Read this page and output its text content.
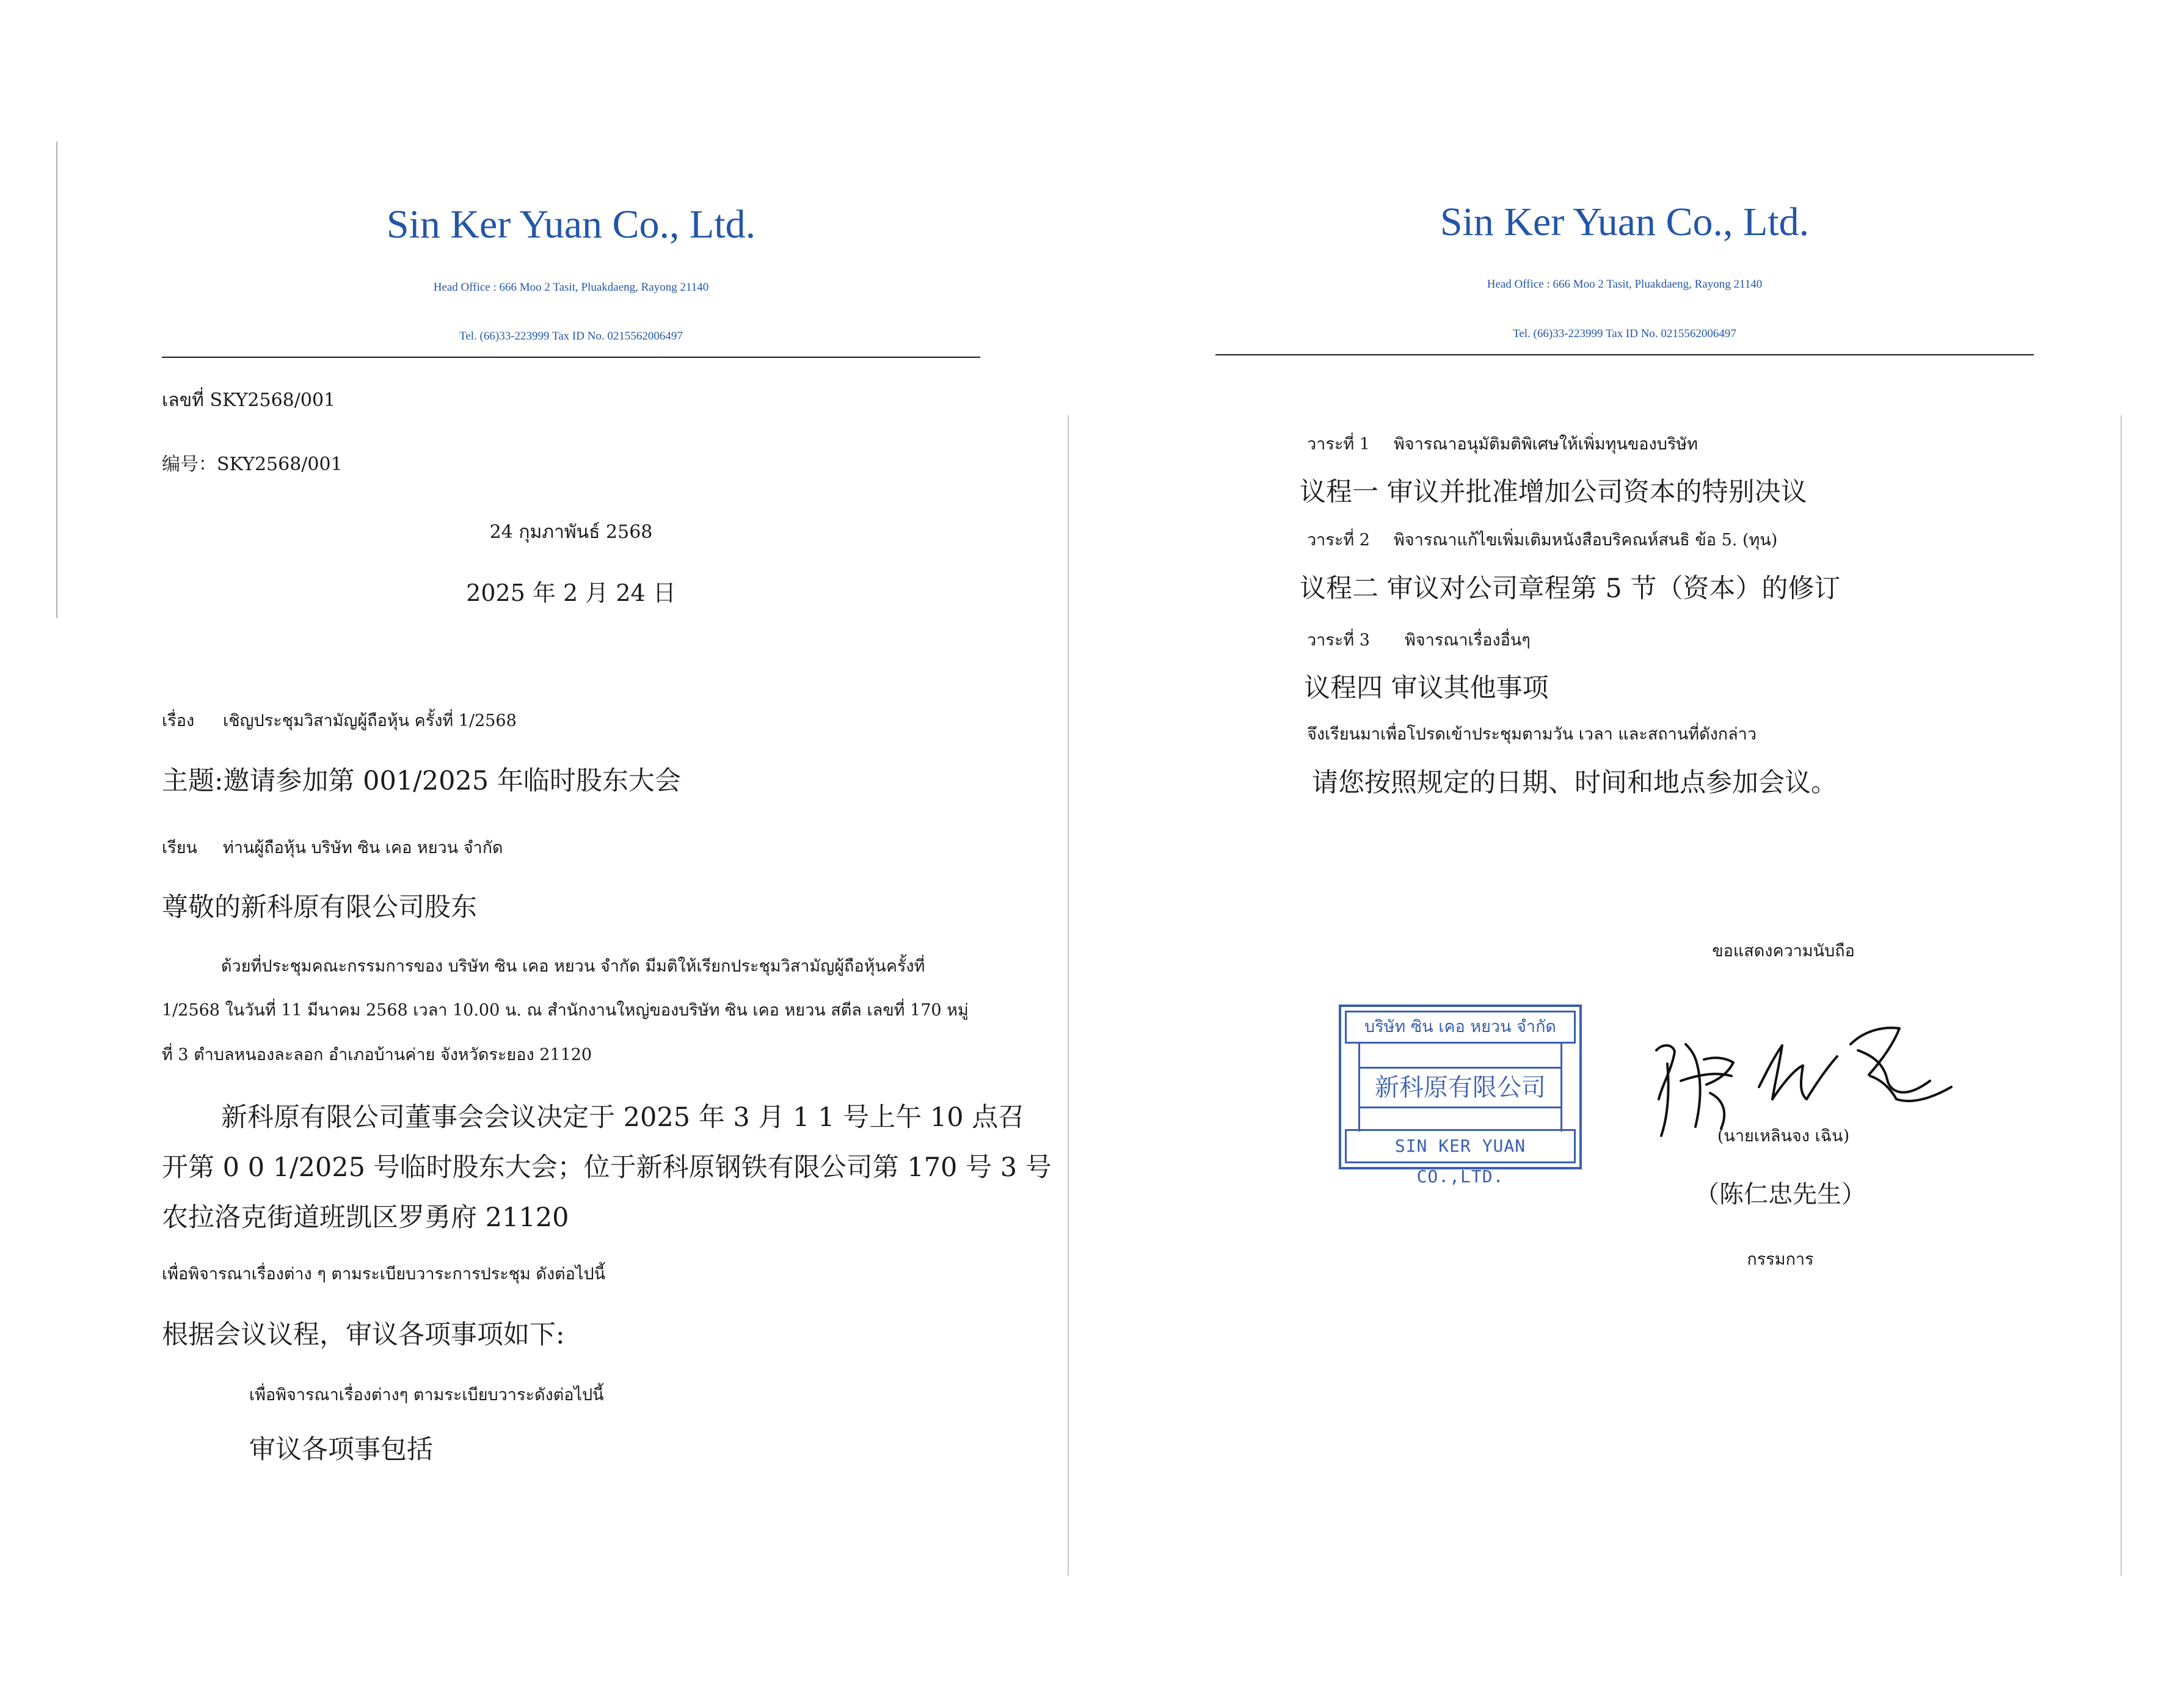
Sin Ker Yuan Co., Ltd.
Head Office : 666 Moo 2 Tasit, Pluakdaeng, Rayong 21140
Tel. (66)33-223999 Tax ID No. 0215562006497
เลขที่ SKY2568/001
编号：SKY2568/001
24 กุมภาพันธ์ 2568
2025 年 2 月 24 日
เรื่อง เชิญประชุมวิสามัญผู้ถือหุ้น ครั้งที่ 1/2568
主题:邀请参加第 001/2025 年临时股东大会
เรียน ท่านผู้ถือหุ้น บริษัท ซิน เคอ หยวน จำกัด
尊敬的新科原有限公司股东
ด้วยที่ประชุมคณะกรรมการของ บริษัท ซิน เคอ หยวน จำกัด มีมติให้เรียกประชุมวิสามัญผู้ถือหุ้นครั้งที่
1/2568 ในวันที่ 11 มีนาคม 2568 เวลา 10.00 น. ณ สำนักงานใหญ่ของบริษัท ซิน เคอ หยวน สตีล เลขที่ 170 หมู่
ที่ 3 ตำบลหนองละลอก อำเภอบ้านค่าย จังหวัดระยอง 21120
新科原有限公司董事会会议决定于 2025 年 3 月 1 1 号上午 10 点召
开第 0 0 1/2025 号临时股东大会；位于新科原钢铁有限公司第 170 号 3 号
农拉洛克街道班凯区罗勇府 21120
เพื่อพิจารณาเรื่องต่าง ๆ ตามระเบียบวาระการประชุม ดังต่อไปนี้
根据会议议程，审议各项事项如下:
เพื่อพิจารณาเรื่องต่างๆ ตามระเบียบวาระดังต่อไปนี้
审议各项事包括
Sin Ker Yuan Co., Ltd.
Head Office : 666 Moo 2 Tasit, Pluakdaeng, Rayong 21140
Tel. (66)33-223999 Tax ID No. 0215562006497
วาระที่ 1 พิจารณาอนุมัติมติพิเศษให้เพิ่มทุนของบริษัท
议程一 审议并批准增加公司资本的特别决议
วาระที่ 2 พิจารณาแก้ไขเพิ่มเติมหนังสือบริคณห์สนธิ ข้อ 5. (ทุน)
议程二 审议对公司章程第 5 节（资本）的修订
วาระที่ 3 พิจารณาเรื่องอื่นๆ
议程四 审议其他事项
จึงเรียนมาเพื่อโปรดเข้าประชุมตามวัน เวลา และสถานที่ดังกล่าว
请您按照规定的日期、时间和地点参加会议。
ขอแสดงความนับถือ
บริษัท ซิน เคอ หยวน จำกัด
新科原有限公司
SIN KER YUAN CO.,LTD.
(นายเหลินจง เฉิน)
（陈仁忠先生）
กรรมการ
